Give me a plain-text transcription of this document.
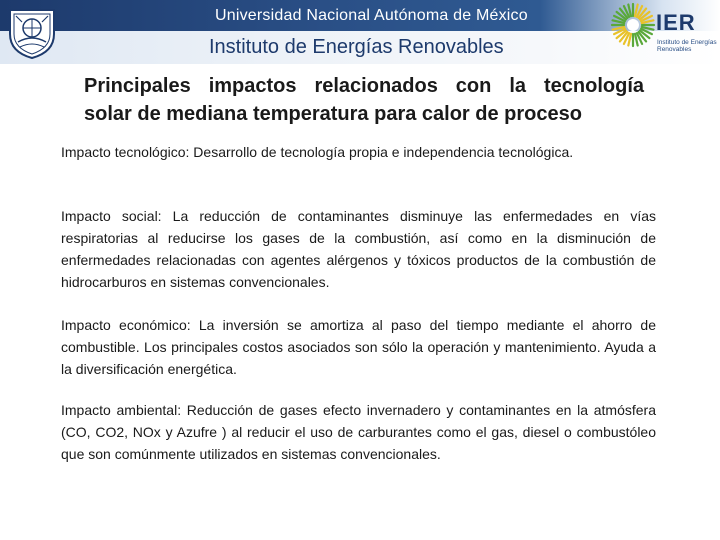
Universidad Nacional Autónoma de México
Instituto de Energías Renovables
IER
Instituto de Energías Renovables
Principales impactos relacionados con la tecnología
solar de mediana temperatura para calor de proceso
Impacto tecnológico: Desarrollo de tecnología propia e independencia tecnológica.
Impacto social: La reducción de contaminantes disminuye las enfermedades en vías respiratorias al reducirse los gases de la combustión, así como en la disminución de enfermedades relacionadas con agentes alérgenos y tóxicos productos de la combustión de hidrocarburos en sistemas convencionales.
Impacto económico: La inversión se amortiza al paso del tiempo mediante el ahorro de combustible. Los principales costos asociados son sólo la operación y mantenimiento. Ayuda a la diversificación energética.
Impacto ambiental: Reducción de gases efecto invernadero y contaminantes en la atmósfera (CO, CO2, NOx y Azufre ) al reducir el uso de carburantes como el gas, diesel o combustóleo que son comúnmente utilizados en sistemas convencionales.
